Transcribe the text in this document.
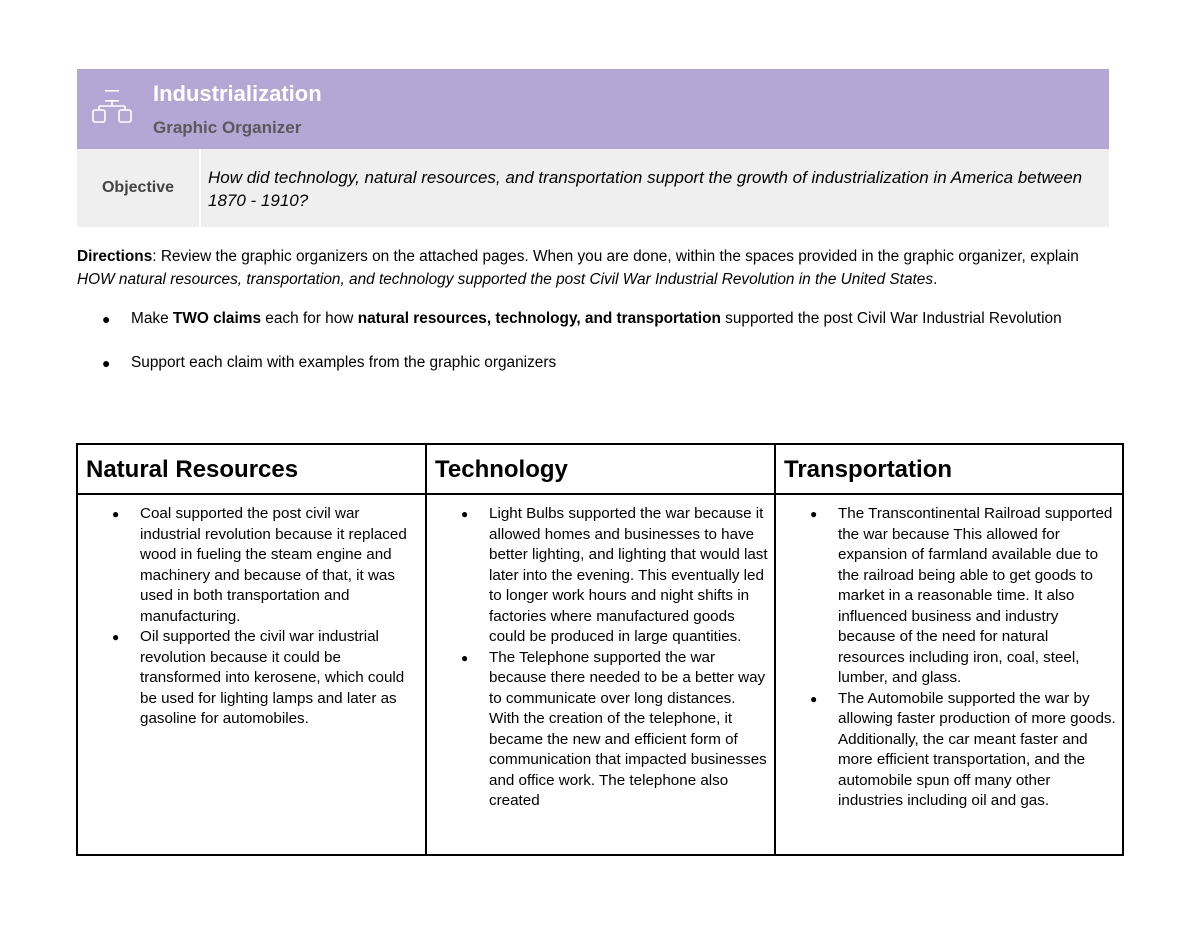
Industrialization
Graphic Organizer
Objective
How did technology, natural resources, and transportation support the growth of industrialization in America between 1870 - 1910?
Directions: Review the graphic organizers on the attached pages. When you are done, within the spaces provided in the graphic organizer, explain HOW natural resources, transportation, and technology supported the post Civil War Industrial Revolution in the United States.
● Make TWO claims each for how natural resources, technology, and transportation supported the post Civil War Industrial Revolution
● Support each claim with examples from the graphic organizers
Natural Resources	Technology	Transportation
● Coal supported the post civil war industrial revolution because it replaced wood in fueling the steam engine and machinery and because of that, it was used in both transportation and manufacturing.
● Oil supported the civil war industrial revolution because it could be transformed into kerosene, which could be used for lighting lamps and later as gasoline for automobiles.
● Light Bulbs supported the war because it allowed homes and businesses to have better lighting, and lighting that would last later into the evening. This eventually led to longer work hours and night shifts in factories where manufactured goods could be produced in large quantities.
● The Telephone supported the war because there needed to be a better way to communicate over long distances. With the creation of the telephone, it became the new and efficient form of communication that impacted businesses and office work. The telephone also created
● The Transcontinental Railroad supported the war because This allowed for expansion of farmland available due to the railroad being able to get goods to market in a reasonable time. It also influenced business and industry because of the need for natural resources including iron, coal, steel, lumber, and glass.
● The Automobile supported the war by allowing faster production of more goods. Additionally, the car meant faster and more efficient transportation, and the automobile spun off many other industries including oil and gas.
